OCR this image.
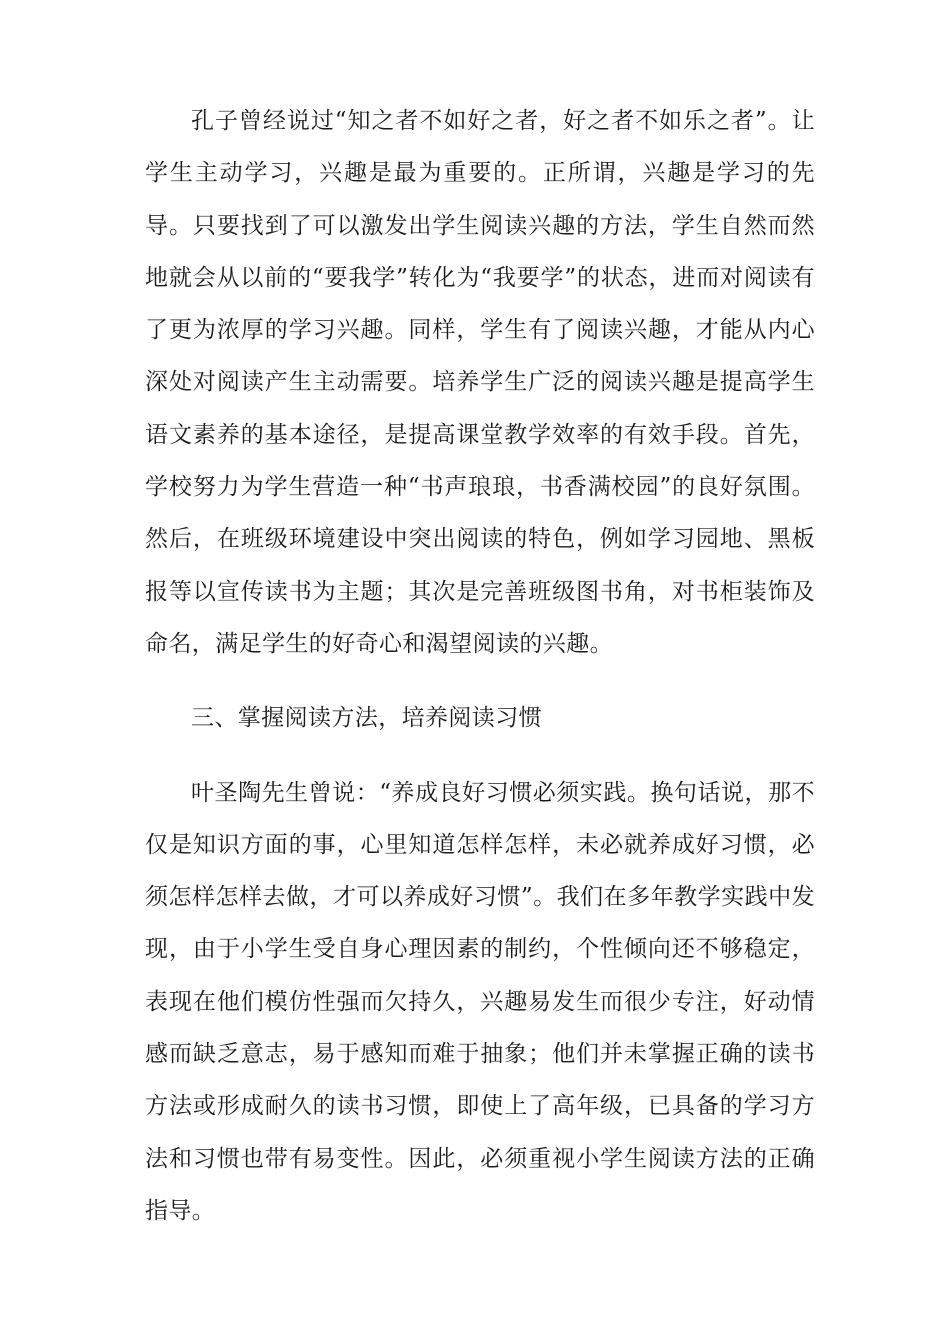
孔子曾经说过“知之者不如好之者，好之者不如乐之者”。让学生主动学习，兴趣是最为重要的。正所谓，兴趣是学习的先导。只要找到了可以激发出学生阅读兴趣的方法，学生自然而然地就会从以前的“要我学”转化为“我要学”的状态，进而对阅读有了更为浓厚的学习兴趣。同样，学生有了阅读兴趣，才能从内心深处对阅读产生主动需要。培养学生广泛的阅读兴趣是提高学生语文素养的基本途径，是提高课堂教学效率的有效手段。首先，学校努力为学生营造一种“书声琅琅，书香满校园”的良好氛围。然后，在班级环境建设中突出阅读的特色，例如学习园地、黑板报等以宣传读书为主题；其次是完善班级图书角，对书柜装饰及命名，满足学生的好奇心和渴望阅读的兴趣。

三、掌握阅读方法，培养阅读习惯

叶圣陶先生曾说：“养成良好习惯必须实践。换句话说，那不仅是知识方面的事，心里知道怎样怎样，未必就养成好习惯，必须怎样怎样去做，才可以养成好习惯”。我们在多年教学实践中发现，由于小学生受自身心理因素的制约，个性倾向还不够稳定，表现在他们模仿性强而欠持久，兴趣易发生而很少专注，好动情感而缺乏意志，易于感知而难于抽象；他们并未掌握正确的读书方法或形成耐久的读书习惯，即使上了高年级，已具备的学习方法和习惯也带有易变性。因此，必须重视小学生阅读方法的正确指导。
